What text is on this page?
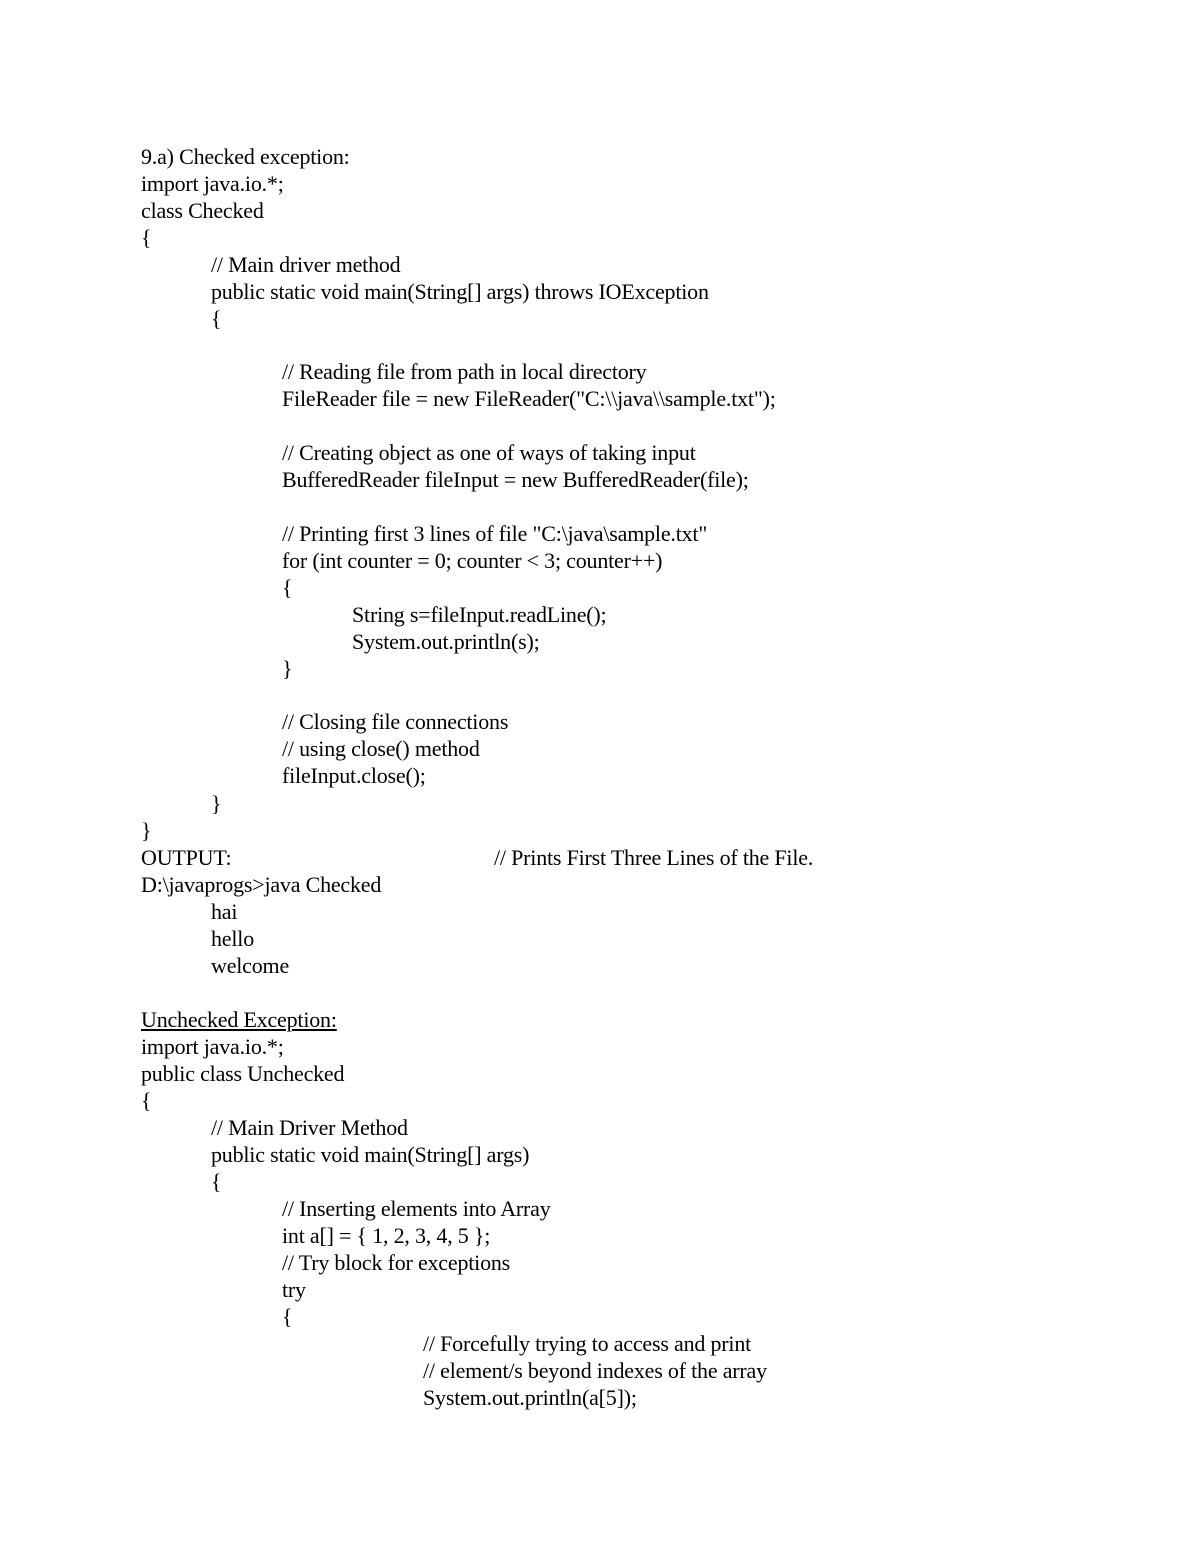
9.a) Checked exception:
import java.io.*;
class Checked
{
// Main driver method
public static void main(String[] args) throws IOException
{
// Reading file from path in local directory
FileReader file = new FileReader("C:\\java\\sample.txt");
// Creating object as one of ways of taking input
BufferedReader fileInput = new BufferedReader(file);
// Printing first 3 lines of file "C:\java\sample.txt"
for (int counter = 0; counter < 3; counter++)
{
String s=fileInput.readLine();
System.out.println(s);
}
// Closing file connections
// using close() method
fileInput.close();
}
}
OUTPUT:	// Prints First Three Lines of the File.
D:\javaprogs>java Checked
hai
hello
welcome
Unchecked Exception:
import java.io.*;
public class Unchecked
{
// Main Driver Method
public static void main(String[] args)
{
// Inserting elements into Array
int a[] = { 1, 2, 3, 4, 5 };
// Try block for exceptions
try
{
// Forcefully trying to access and print
// element/s beyond indexes of the array
System.out.println(a[5]);
